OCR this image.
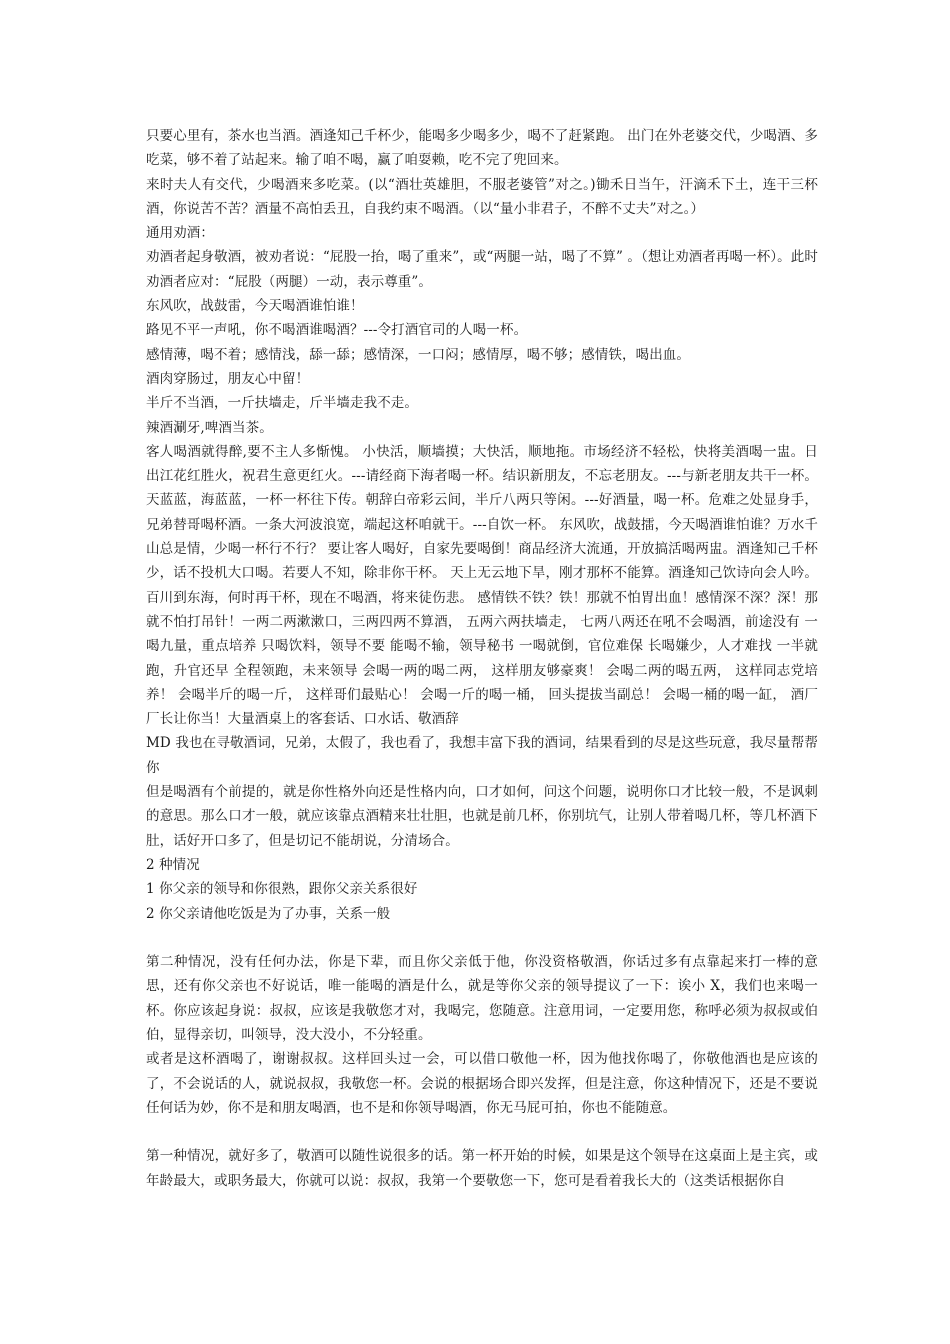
只要心里有，茶水也当酒。酒逢知己千杯少，能喝多少喝多少，喝不了赶紧跑。 出门在外老婆交代，少喝酒、多吃菜，够不着了站起来。输了咱不喝，赢了咱耍赖，吃不完了兜回来。

来时夫人有交代，少喝酒来多吃菜。(以“酒壮英雄胆，不服老婆管”对之。)锄禾日当午，汗滴禾下土，连干三杯酒，你说苦不苦？酒量不高怕丢丑，自我约束不喝酒。（以“量小非君子，不醉不丈夫”对之。）

通用劝酒：

劝酒者起身敬酒，被劝者说：“屁股一抬，喝了重来”，或“两腿一站，喝了不算” 。（想让劝酒者再喝一杯）。此时劝酒者应对：“屁股（两腿）一动，表示尊重”。

东风吹，战鼓雷，今天喝酒谁怕谁！

路见不平一声吼，你不喝酒谁喝酒？---令打酒官司的人喝一杯。

感情薄，喝不着；感情浅，舔一舔；感情深，一口闷；感情厚，喝不够；感情铁，喝出血。

酒肉穿肠过，朋友心中留！

半斤不当酒，一斤扶墙走，斤半墙走我不走。

辣酒涮牙,啤酒当茶。

客人喝酒就得醉,要不主人多惭愧。 小快活，顺墙摸；大快活，顺地拖。市场经济不轻松，快将美酒喝一盅。日出江花红胜火，祝君生意更红火。---请经商下海者喝一杯。结识新朋友，不忘老朋友。---与新老朋友共干一杯。天蓝蓝，海蓝蓝，一杯一杯往下传。朝辞白帝彩云间，半斤八两只等闲。---好酒量，喝一杯。危难之处显身手，兄弟替哥喝杯酒。一条大河波浪宽，端起这杯咱就干。---自饮一杯。 东风吹，战鼓擂，今天喝酒谁怕谁？万水千山总是情，少喝一杯行不行？ 要让客人喝好，自家先要喝倒！商品经济大流通，开放搞活喝两盅。酒逢知己千杯少，话不投机大口喝。若要人不知，除非你干杯。 天上无云地下旱，刚才那杯不能算。酒逢知己饮诗向会人吟。百川到东海，何时再干杯，现在不喝酒，将来徒伤悲。 感情铁不铁？铁！那就不怕胃出血！感情深不深？深！那就不怕打吊针！一两二两漱漱口，三两四两不算酒， 五两六两扶墙走， 七两八两还在吼不会喝酒，前途没有 一喝九量，重点培养 只喝饮料，领导不要 能喝不输，领导秘书 一喝就倒，官位难保 长喝嫌少，人才难找 一半就跑，升官还早 全程领跑，未来领导 会喝一两的喝二两， 这样朋友够豪爽！ 会喝二两的喝五两， 这样同志党培养！ 会喝半斤的喝一斤， 这样哥们最贴心！ 会喝一斤的喝一桶， 回头提拔当副总！ 会喝一桶的喝一缸， 酒厂厂长让你当！大量酒桌上的客套话、口水话、敬酒辞

MD 我也在寻敬酒词，兄弟，太假了，我也看了，我想丰富下我的酒词，结果看到的尽是这些玩意，我尽量帮帮你

但是喝酒有个前提的，就是你性格外向还是性格内向，口才如何，问这个问题，说明你口才比较一般，不是讽刺的意思。那么口才一般，就应该靠点酒精来壮壮胆，也就是前几杯，你别坑气，让别人带着喝几杯，等几杯酒下肚，话好开口多了，但是切记不能胡说，分清场合。

2 种情况

1 你父亲的领导和你很熟，跟你父亲关系很好

2 你父亲请他吃饭是为了办事，关系一般

第二种情况，没有任何办法，你是下辈，而且你父亲低于他，你没资格敬酒，你话过多有点靠起来打一棒的意思，还有你父亲也不好说话，唯一能喝的酒是什么，就是等你父亲的领导提议了一下：诶小 X，我们也来喝一杯。你应该起身说：叔叔，应该是我敬您才对，我喝完，您随意。注意用词，一定要用您，称呼必须为叔叔或伯伯，显得亲切，叫领导，没大没小，不分轻重。

或者是这杯酒喝了，谢谢叔叔。这样回头过一会，可以借口敬他一杯，因为他找你喝了，你敬他酒也是应该的了，不会说话的人，就说叔叔，我敬您一杯。会说的根据场合即兴发挥，但是注意，你这种情况下，还是不要说任何话为妙，你不是和朋友喝酒，也不是和你领导喝酒，你无马屁可拍，你也不能随意。

第一种情况，就好多了，敬酒可以随性说很多的话。第一杯开始的时候，如果是这个领导在这桌面上是主宾，或年龄最大，或职务最大，你就可以说：叔叔，我第一个要敬您一下，您可是看着我长大的（这类话根据你自
